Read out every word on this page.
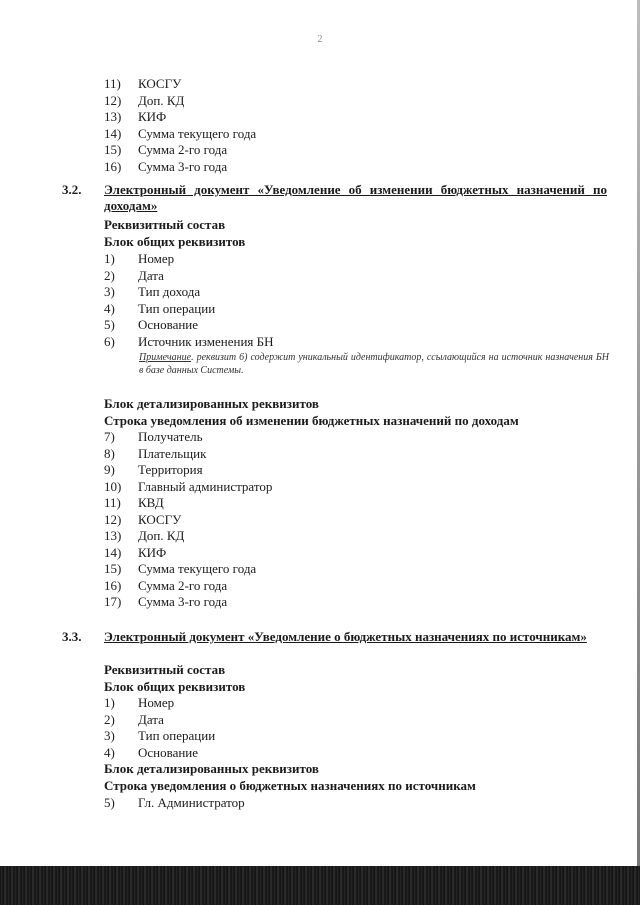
2
11) КОСГУ
12) Доп. КД
13) КИФ
14) Сумма текущего года
15) Сумма 2-го года
16) Сумма 3-го года
3.2. Электронный документ «Уведомление об изменении бюджетных назначений по доходам»
Реквизитный состав
Блок общих реквизитов
1) Номер
2) Дата
3) Тип дохода
4) Тип операции
5) Основание
6) Источник изменения БН
Примечание. реквизит 6) содержит уникальный идентификатор, ссылающийся на источник назначения БН в базе данных Системы.
Блок детализированных реквизитов
Строка уведомления об изменении бюджетных назначений по доходам
7) Получатель
8) Плательщик
9) Территория
10) Главный администратор
11) КВД
12) КОСГУ
13) Доп. КД
14) КИФ
15) Сумма текущего года
16) Сумма 2-го года
17) Сумма 3-го года
3.3. Электронный документ «Уведомление о бюджетных назначениях по источникам»
Реквизитный состав
Блок общих реквизитов
1) Номер
2) Дата
3) Тип операции
4) Основание
Блок детализированных реквизитов
Строка уведомления о бюджетных назначениях по источникам
5) Гл. Администратор
